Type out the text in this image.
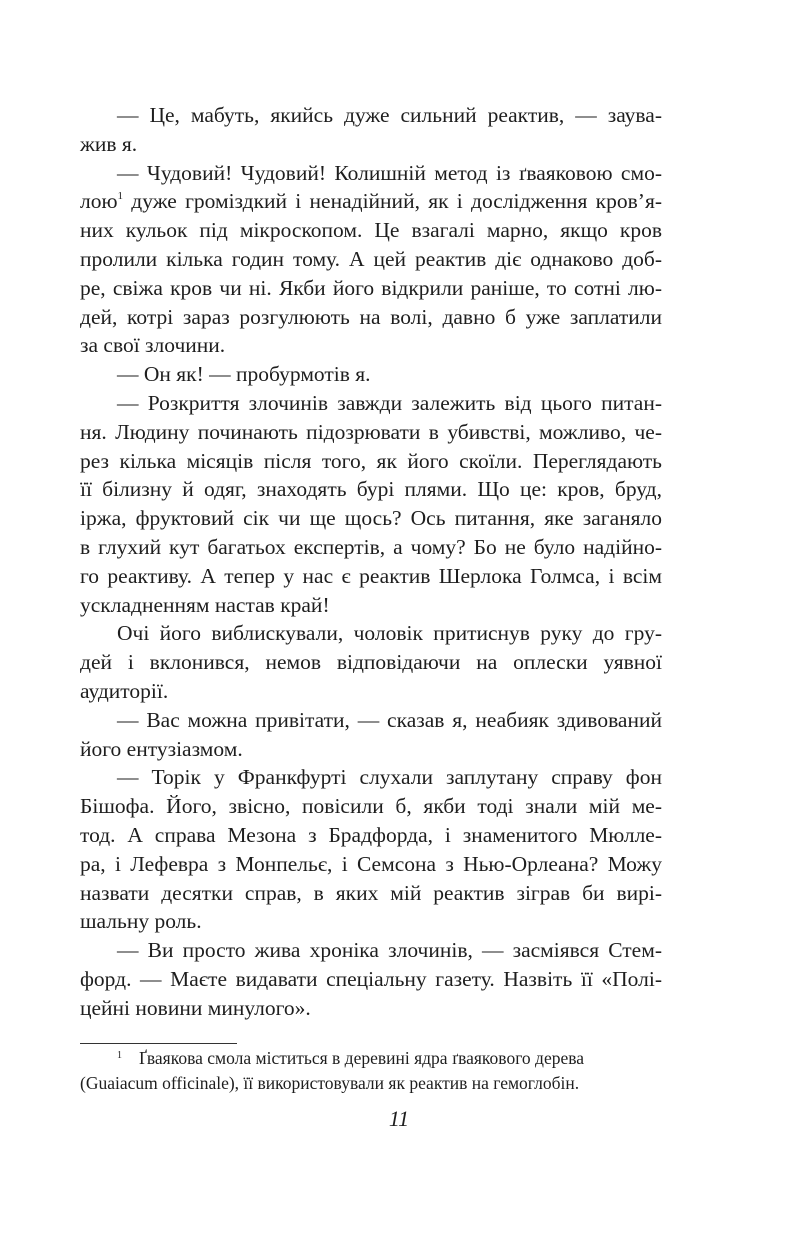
— Це, мабуть, якийсь дуже сильний реактив, — заува-
жив я.
— Чудовий! Чудовий! Колишній метод із ґваяковою смо-
лою$^1$ дуже громіздкий і ненадійний, як і дослідження кров’я-
них кульок під мікроскопом. Це взагалі марно, якщо кров
пролили кілька годин тому. А цей реактив діє однаково доб-
ре, свіжа кров чи ні. Якби його відкрили раніше, то сотні лю-
дей, котрі зараз розгулюють на волі, давно б уже заплатили
за свої злочини.
— Он як! — пробурмотів я.
— Розкриття злочинів завжди залежить від цього питан-
ня. Людину починають підозрювати в убивстві, можливо, че-
рез кілька місяців після того, як його скоїли. Переглядають
її білизну й одяг, знаходять бурі плями. Що це: кров, бруд,
іржа, фруктовий сік чи ще щось? Ось питання, яке заганяло
в глухий кут багатьох експертів, а чому? Бо не було надійно-
го реактиву. А тепер у нас є реактив Шерлока Голмса, і всім
ускладненням настав край!
Очі його виблискували, чоловік притиснув руку до гру-
дей і вклонився, немов відповідаючи на оплески уявної
аудиторії.
— Вас можна привітати, — сказав я, неабияк здивований
його ентузіазмом.
— Торік у Франкфурті слухали заплутану справу фон
Бішофа. Його, звісно, повісили б, якби тоді знали мій ме-
тод. А справа Мезона з Брадфорда, і знаменитого Мюлле-
ра, і Лефевра з Монпельє, і Семсона з Нью-Орлеана? Можу
назвати десятки справ, в яких мій реактив зіграв би вирі-
шальну роль.
— Ви просто жива хроніка злочинів, — засміявся Стем-
форд. — Маєте видавати спеціальну газету. Назвіть її «Полі-
цейні новини минулого».
1 Ґваякова смола міститься в деревині ядра ґваякового дерева
(Guaiacum officinale), її використовували як реактив на гемоглобін.
11
